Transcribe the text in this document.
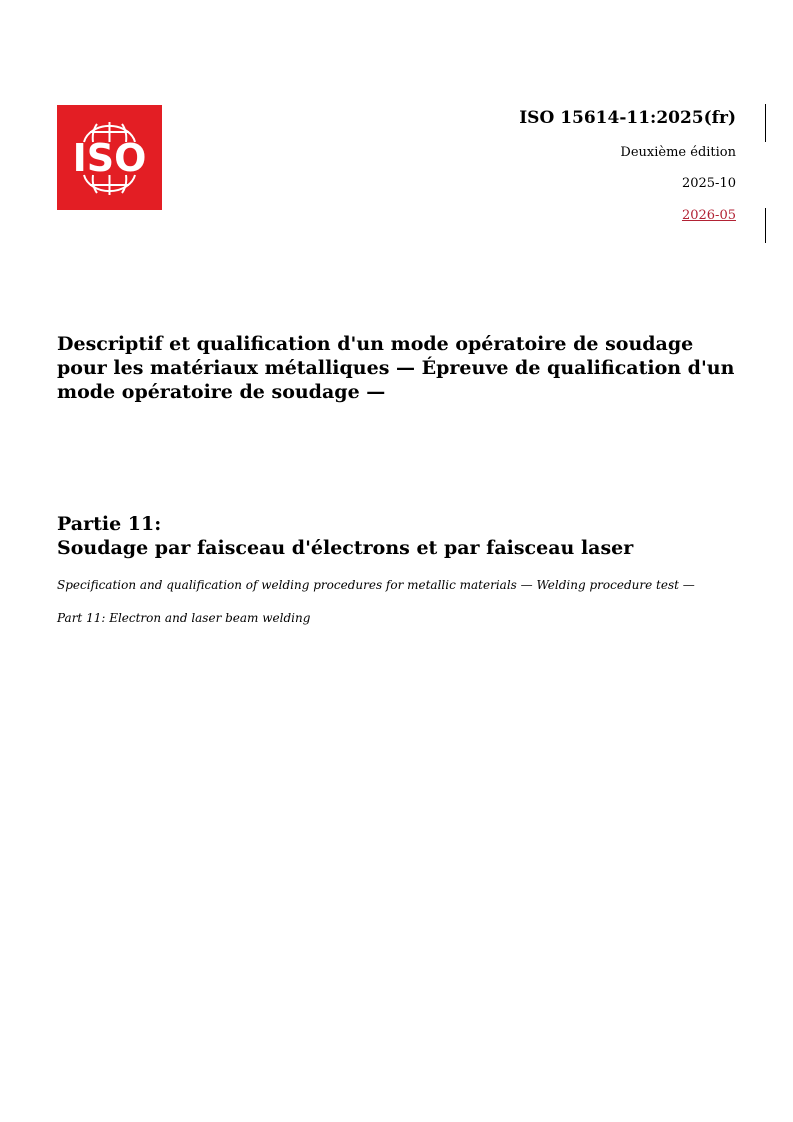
ISO
ISO 15614-11:2025(fr)
Deuxième édition
2025-10
2026-05
Descriptif et qualification d'un mode opératoire de soudage pour les matériaux métalliques — Épreuve de qualification d'un mode opératoire de soudage —
Partie 11:
Soudage par faisceau d'électrons et par faisceau laser
Specification and qualification of welding procedures for metallic materials — Welding procedure test —
Part 11: Electron and laser beam welding
